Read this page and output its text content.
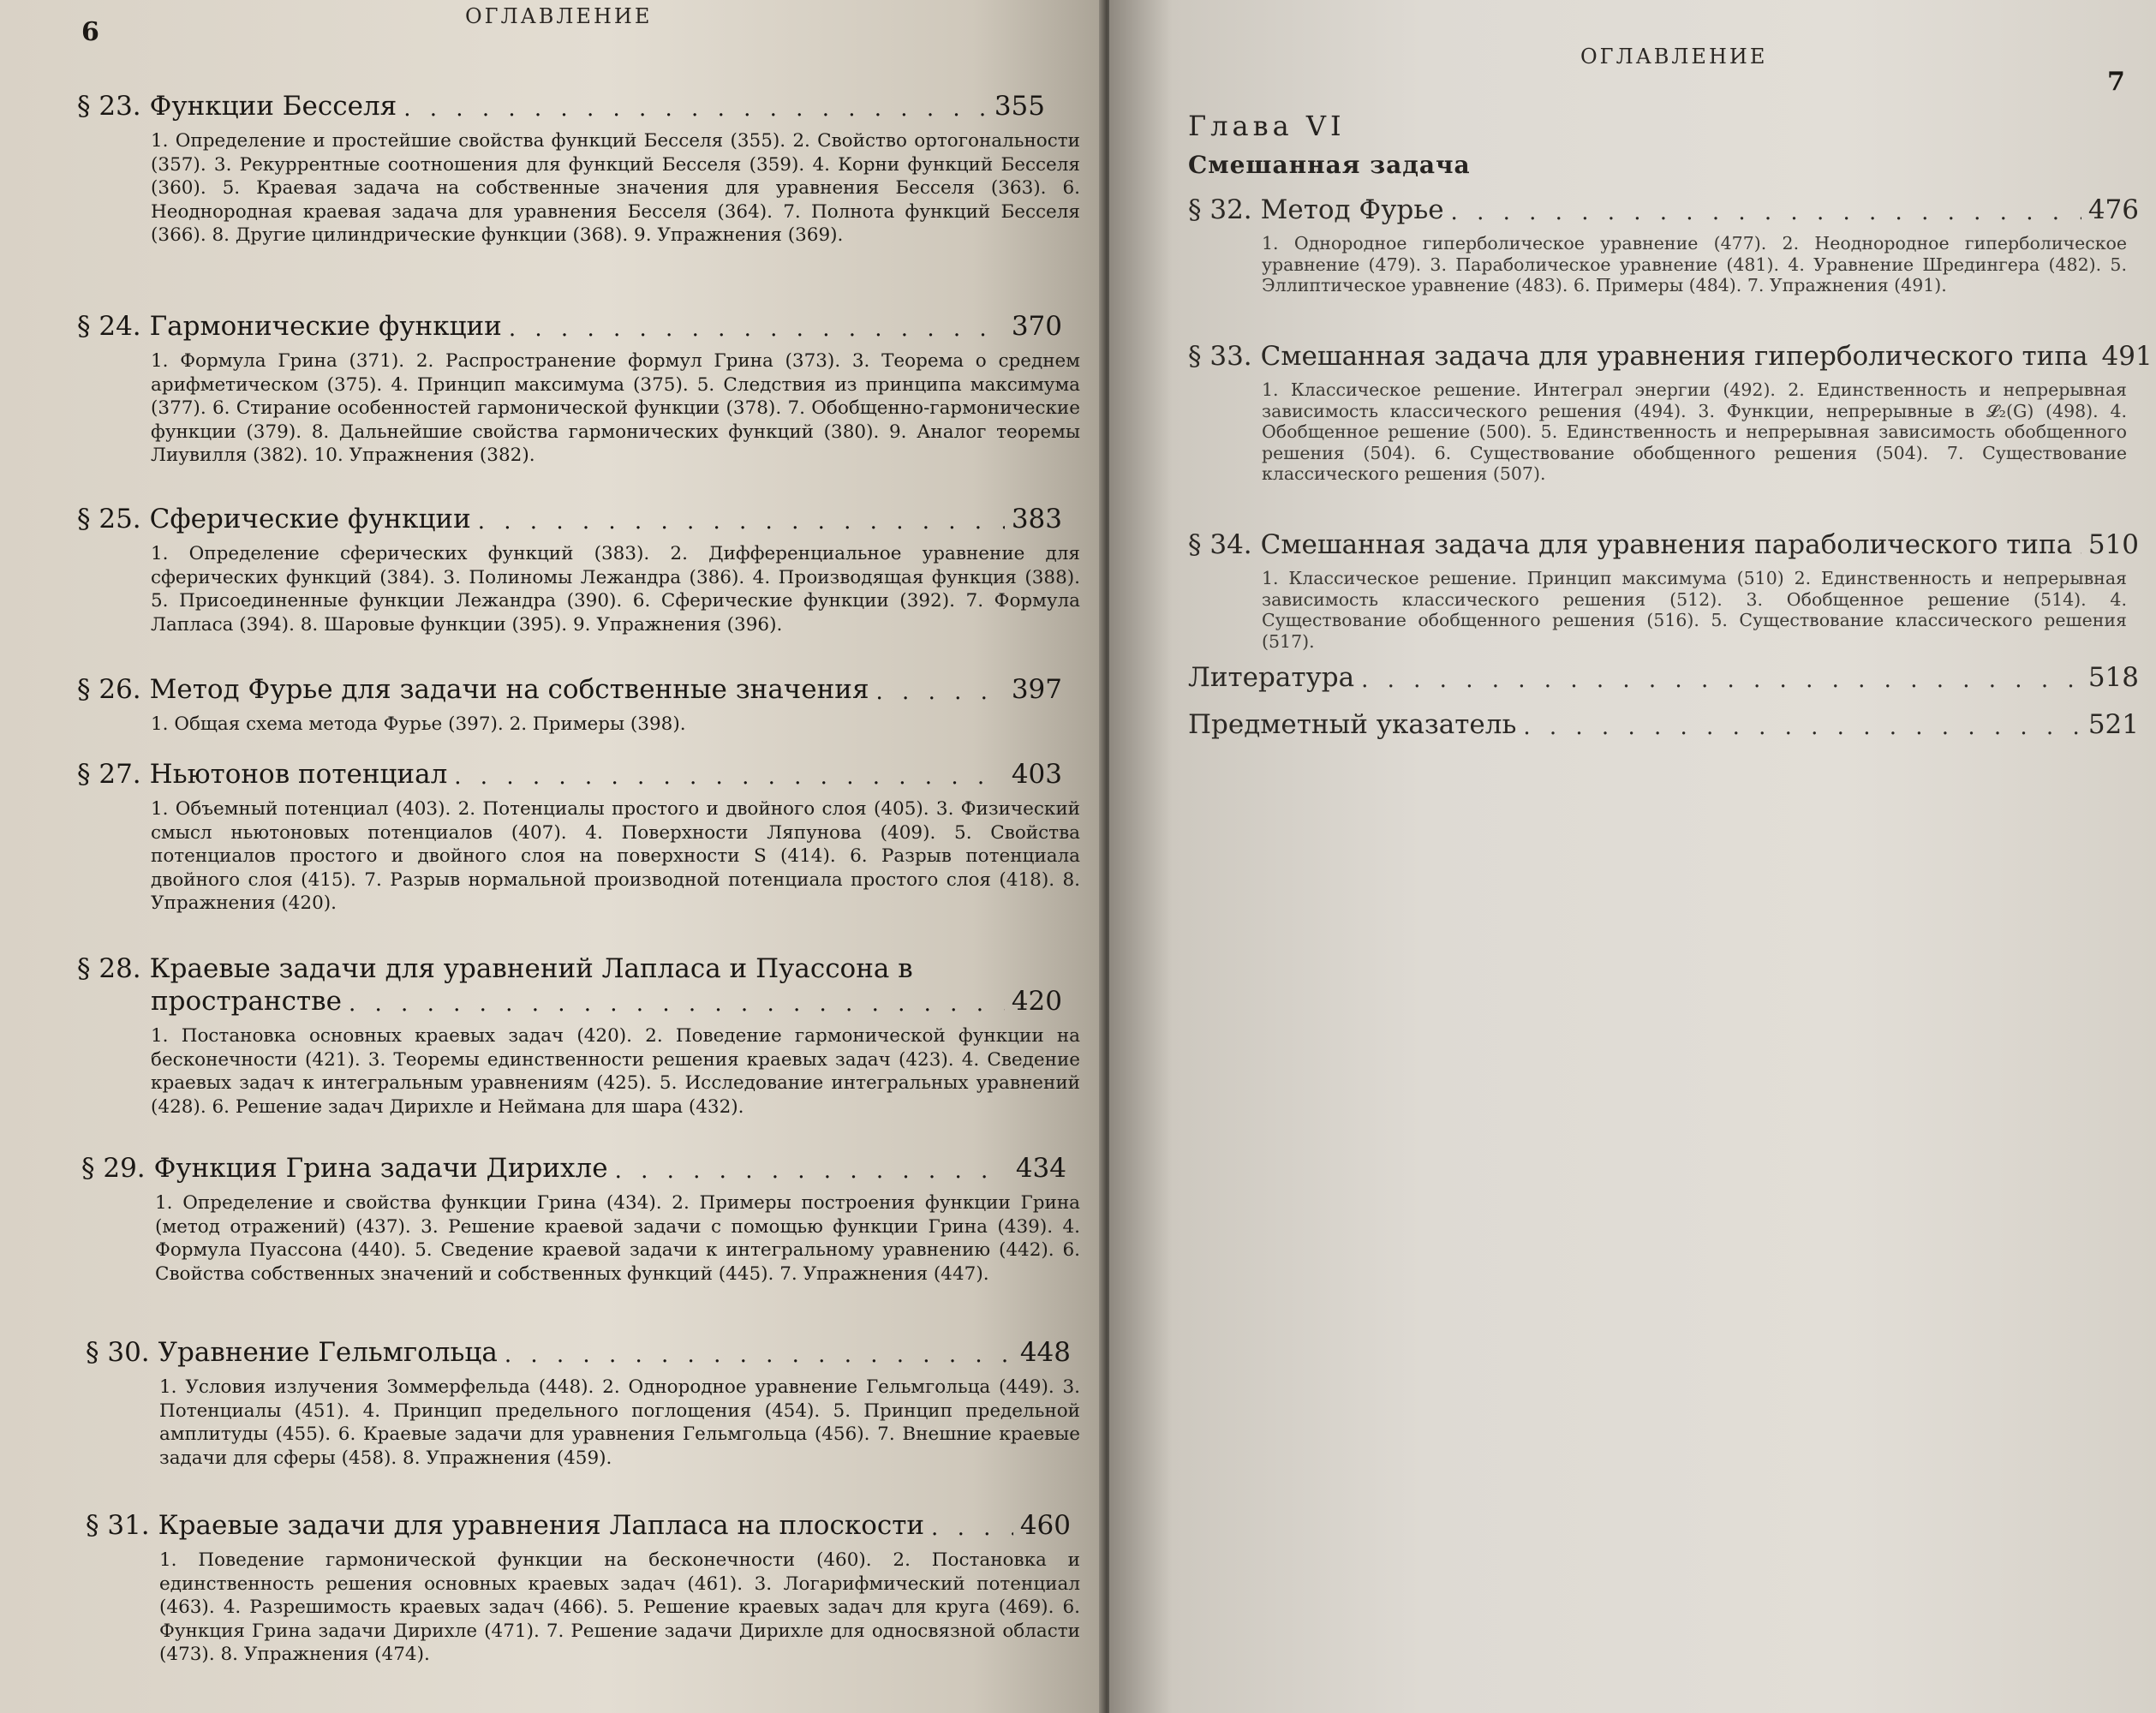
6
ОГЛАВЛЕНИЕ
§ 23. Функции Бесселя . . .	355
1. Определение и простейшие свойства функций Бесселя (355). 2. Свойство ортогональности (357). 3. Рекуррентные соотношения для функций Бесселя (359). 4. Корни функций Бесселя (360). 5. Краевая задача на собственные значения для уравнения Бесселя (363). 6. Неоднородная краевая задача для уравнения Бесселя (364). 7. Полнота функций Бесселя (366). 8. Другие цилиндрические функции (368). 9. Упражнения (369).
§ 24. Гармонические функции . . .	370
1. Формула Грина (371). 2. Распространение формул Грина (373). 3. Теорема о среднем арифметическом (375). 4. Принцип максимума (375). 5. Следствия из принципа максимума (377). 6. Стирание особенностей гармонической функции (378). 7. Обобщенно-гармонические функции (379). 8. Дальнейшие свойства гармонических функций (380). 9. Аналог теоремы Лиувилля (382). 10. Упражнения (382).
§ 25. Сферические функции . . .	383
1. Определение сферических функций (383). 2. Дифференциальное уравнение для сферических функций (384). 3. Полиномы Лежандра (386). 4. Производящая функция (388). 5. Присоединенные функции Лежандра (390). 6. Сферические функции (392). 7. Формула Лапласа (394). 8. Шаровые функции (395). 9. Упражнения (396).
§ 26. Метод Фурье для задачи на собственные значения . . .	397
1. Общая схема метода Фурье (397). 2. Примеры (398).
§ 27. Ньютонов потенциал . . .	403
1. Объемный потенциал (403). 2. Потенциалы простого и двойного слоя (405). 3. Физический смысл ньютоновых потенциалов (407). 4. Поверхности Ляпунова (409). 5. Свойства потенциалов простого и двойного слоя на поверхности S (414). 6. Разрыв потенциала двойного слоя (415). 7. Разрыв нормальной производной потенциала простого слоя (418). 8. Упражнения (420).
§ 28. Краевые задачи для уравнений Лапласа и Пуассона в
пространстве . . .	420
1. Постановка основных краевых задач (420). 2. Поведение гармонической функции на бесконечности (421). 3. Теоремы единственности решения краевых задач (423). 4. Сведение краевых задач к интегральным уравнениям (425). 5. Исследование интегральных уравнений (428). 6. Решение задач Дирихле и Неймана для шара (432).
§ 29. Функция Грина задачи Дирихле . . .	434
1. Определение и свойства функции Грина (434). 2. Примеры построения функции Грина (метод отражений) (437). 3. Решение краевой задачи с помощью функции Грина (439). 4. Формула Пуассона (440). 5. Сведение краевой задачи к интегральному уравнению (442). 6. Свойства собственных значений и собственных функций (445). 7. Упражнения (447).
§ 30. Уравнение Гельмгольца . . .	448
1. Условия излучения Зоммерфельда (448). 2. Однородное уравнение Гельмгольца (449). 3. Потенциалы (451). 4. Принцип предельного поглощения (454). 5. Принцип предельной амплитуды (455). 6. Краевые задачи для уравнения Гельмгольца (456). 7. Внешние краевые задачи для сферы (458). 8. Упражнения (459).
§ 31. Краевые задачи для уравнения Лапласа на плоскости . . .	460
1. Поведение гармонической функции на бесконечности (460). 2. Постановка и единственность решения основных краевых задач (461). 3. Логарифмический потенциал (463). 4. Разрешимость краевых задач (466). 5. Решение краевых задач для круга (469). 6. Функция Грина задачи Дирихле (471). 7. Решение задачи Дирихле для односвязной области (473). 8. Упражнения (474).
ОГЛАВЛЕНИЕ
7
Глава VI
Смешанная задача
§ 32. Метод Фурье . . .	476
1. Однородное гиперболическое уравнение (477). 2. Неоднородное гиперболическое уравнение (479). 3. Параболическое уравнение (481). 4. Уравнение Шредингера (482). 5. Эллиптическое уравнение (483). 6. Примеры (484). 7. Упражнения (491).
§ 33. Смешанная задача для уравнения гиперболического типа 491
1. Классическое решение. Интеграл энергии (492). 2. Единственность и непрерывная зависимость классического решения (494). 3. Функции, непрерывные в 𝓛₂(G) (498). 4. Обобщенное решение (500). 5. Единственность и непрерывная зависимость обобщенного решения (504). 6. Существование обобщенного решения (504). 7. Существование классического решения (507).
§ 34. Смешанная задача для уравнения параболического типа . . . 510
1. Классическое решение. Принцип максимума (510) 2. Единственность и непрерывная зависимость классического решения (512). 3. Обобщенное решение (514). 4. Существование обобщенного решения (516). 5. Существование классического решения (517).
Литература . . .	518
Предметный указатель . . .	521
